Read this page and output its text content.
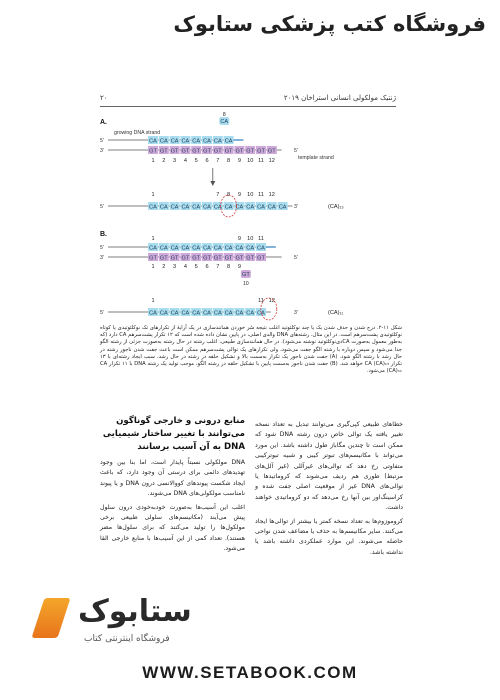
فروشگاه کتب پزشکی ستابوک
۲۰	ژنتیک مولکولی انسانی استراخان ۲۰۱۹
A.	CA
8
5'	CA CA CA CA CA CA CA CA
growing DNA strand
3'	5'
GT GT GT GT GT GT GT GT GT GT GT GT
template strand
1 2 3 4 5 6 7 8 9 10 11 12
1	7 8 9 10 11 12
5'	3'
CA CA CA CA CA CA CA CA CA CA CA CA CA	(CA)₁₃
B.
1	9 10 11
5'	CA CA CA CA CA CA CA CA CA CA CA
3'	5'
GT GT GT GT GT GT GT GT GT GT GT
1 2 3 4 5 6 7 8 9
GT
10
1	11 12
5'	3'
CA CA CA CA CA CA CA CA CA CA CA	(CA)₁₁
شکل ۱۱-۲. درج شدن و حذف شدن یک یا چند نوکلئوتید اغلب نتیجه سُر خوردن همانندسازی در یک آرایهٔ از تکرارهای تک نوکلئوتیدی یا کوتاه نوکلئوتیدی پشت‌سرهم است. در این مثال، رشته‌های DNA والدی اصلی، در پایین نشان داده شده است که ۱۲ تکرار پشت‌سرهم CA دارد (که به‌طور معمول به‌صورت CA‌دی‌نوکلئوتید نوشته می‌شود). در حال همانندسازی طبیعی، اغلب رشته در حال رشته به‌صورت جزئی از رشته الگو جدا می‌شود و سپس دوباره با رشته الگو جفت می‌شود، ولی تکرارهای یک توالی پشت‌سرهم ممکن است باعث جفت شدن ناجور رشته در حال رشد با رشته الگو شود. (A) جفت شدن ناجور یک تکرار به‌سمت بالا و تشکیل حلقه در رشته در حال رشد، سبب ایجاد رشته‌ای با ۱۳ تکرار CA (CA)₁₃ خواهد شد. (B) جفت شدن ناجور به‌سمت پایین با تشکیل حلقه در رشته الگو، موجب تولید یک رشته DNA با ۱۱ تکرار CA (CA)₁₁ می‌شود.

خطاهای طبیعی کپی‌گیری می‌توانند تبدیل به تعداد نسخه تغییر یافته یک توالی خاص درون رشته DNA شود که ممکن است تا چندین مگاباز طول داشته باشد. این مورد می‌تواند با مکانیسم‌های تبوتر کیبی و شبیه تبوترکیبی متفاوتی رخ دهد که توالی‌های غیرآللی (غیر آلل‌های مرتبط) طوری هم ردیف می‌شوند که کروماتیدها یا توالی‌های DNA غیر از موقعیت اصلی جفت شده و کراسینگ‌اور بین آنها رخ می‌دهد که دو کروماتیدی خواهند داشت.

کروموزوم‌ها به تعداد نسخه کمتر یا بیشتر از توالی‌ها ایجاد می‌کنند. سایر مکانیسم‌ها به حذف یا مضاعف شدن نواحی حاصله می‌شوند. این موارد عملکردی داشته باشد یا نداشته باشد.

منابع درونی و خارجی گوناگون می‌توانند با تغییر ساختار شیمیایی DNA به آن آسیب برسانند

DNA مولکولی نسبتاً پایدار است، اما بنا بین وجود تهدیدهای دائمی برای درستی آن وجود دارد، که باعث ایجاد شکست پیوندهای کووالانسی درون DNA و یا پیوند نامناسب مولکولی‌های DNA می‌شوند.

اغلب این آسیب‌ها به‌صورت خودبه‌خودی درون سلول پیش می‌آیند (مکانیسم‌های سلولی طبیعی برخی مولکول‌ها را تولید می‌کنند که برای سلول‌ها مضر هستند). تعداد کمی از این آسیب‌ها با منابع خارجی القا می‌شود.

ستابوک
فروشگاه اینترنتی کتاب
WWW.SETABOOK.COM
